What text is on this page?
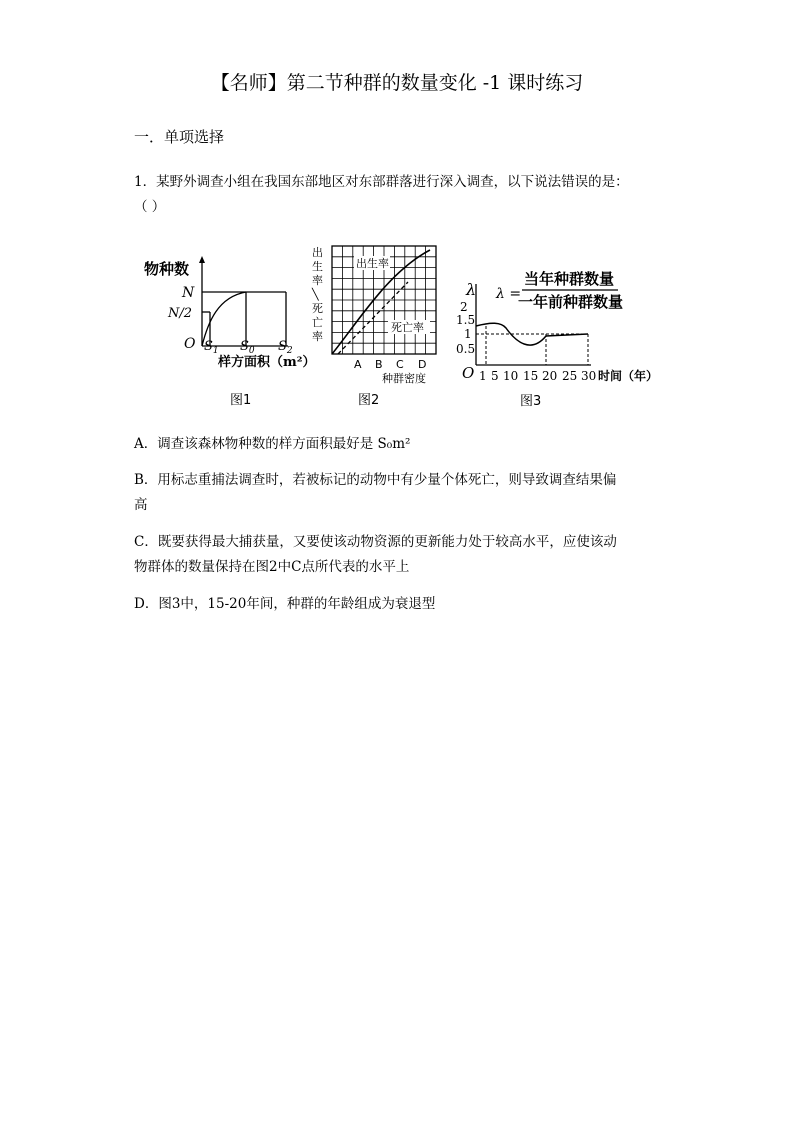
【名师】第二节种群的数量变化 -1 课时练习
一．单项选择
1．某野外调查小组在我国东部地区对东部群落进行深入调查，以下说法错误的是：
（ ）
物种数
N
N/2
O $S_1$ $S_0$ $S_2$
样方面积（m²）
图1
出生率
死亡率
出
生
率
╲
死
亡
率
A B C D
种群密度
图2
λ λ =
当年种群数量
一年前种群数量
2
1.5
1
0.5
O 1 5 10 15 20 25 30 时间（年）
图3
A．调查该森林物种数的样方面积最好是 S₀m²
B．用标志重捕法调查时，若被标记的动物中有少量个体死亡，则导致调查结果偏
高
C．既要获得最大捕获量，又要使该动物资源的更新能力处于较高水平，应使该动
物群体的数量保持在图2中C点所代表的水平上
D．图3中，15-20年间，种群的年龄组成为衰退型
